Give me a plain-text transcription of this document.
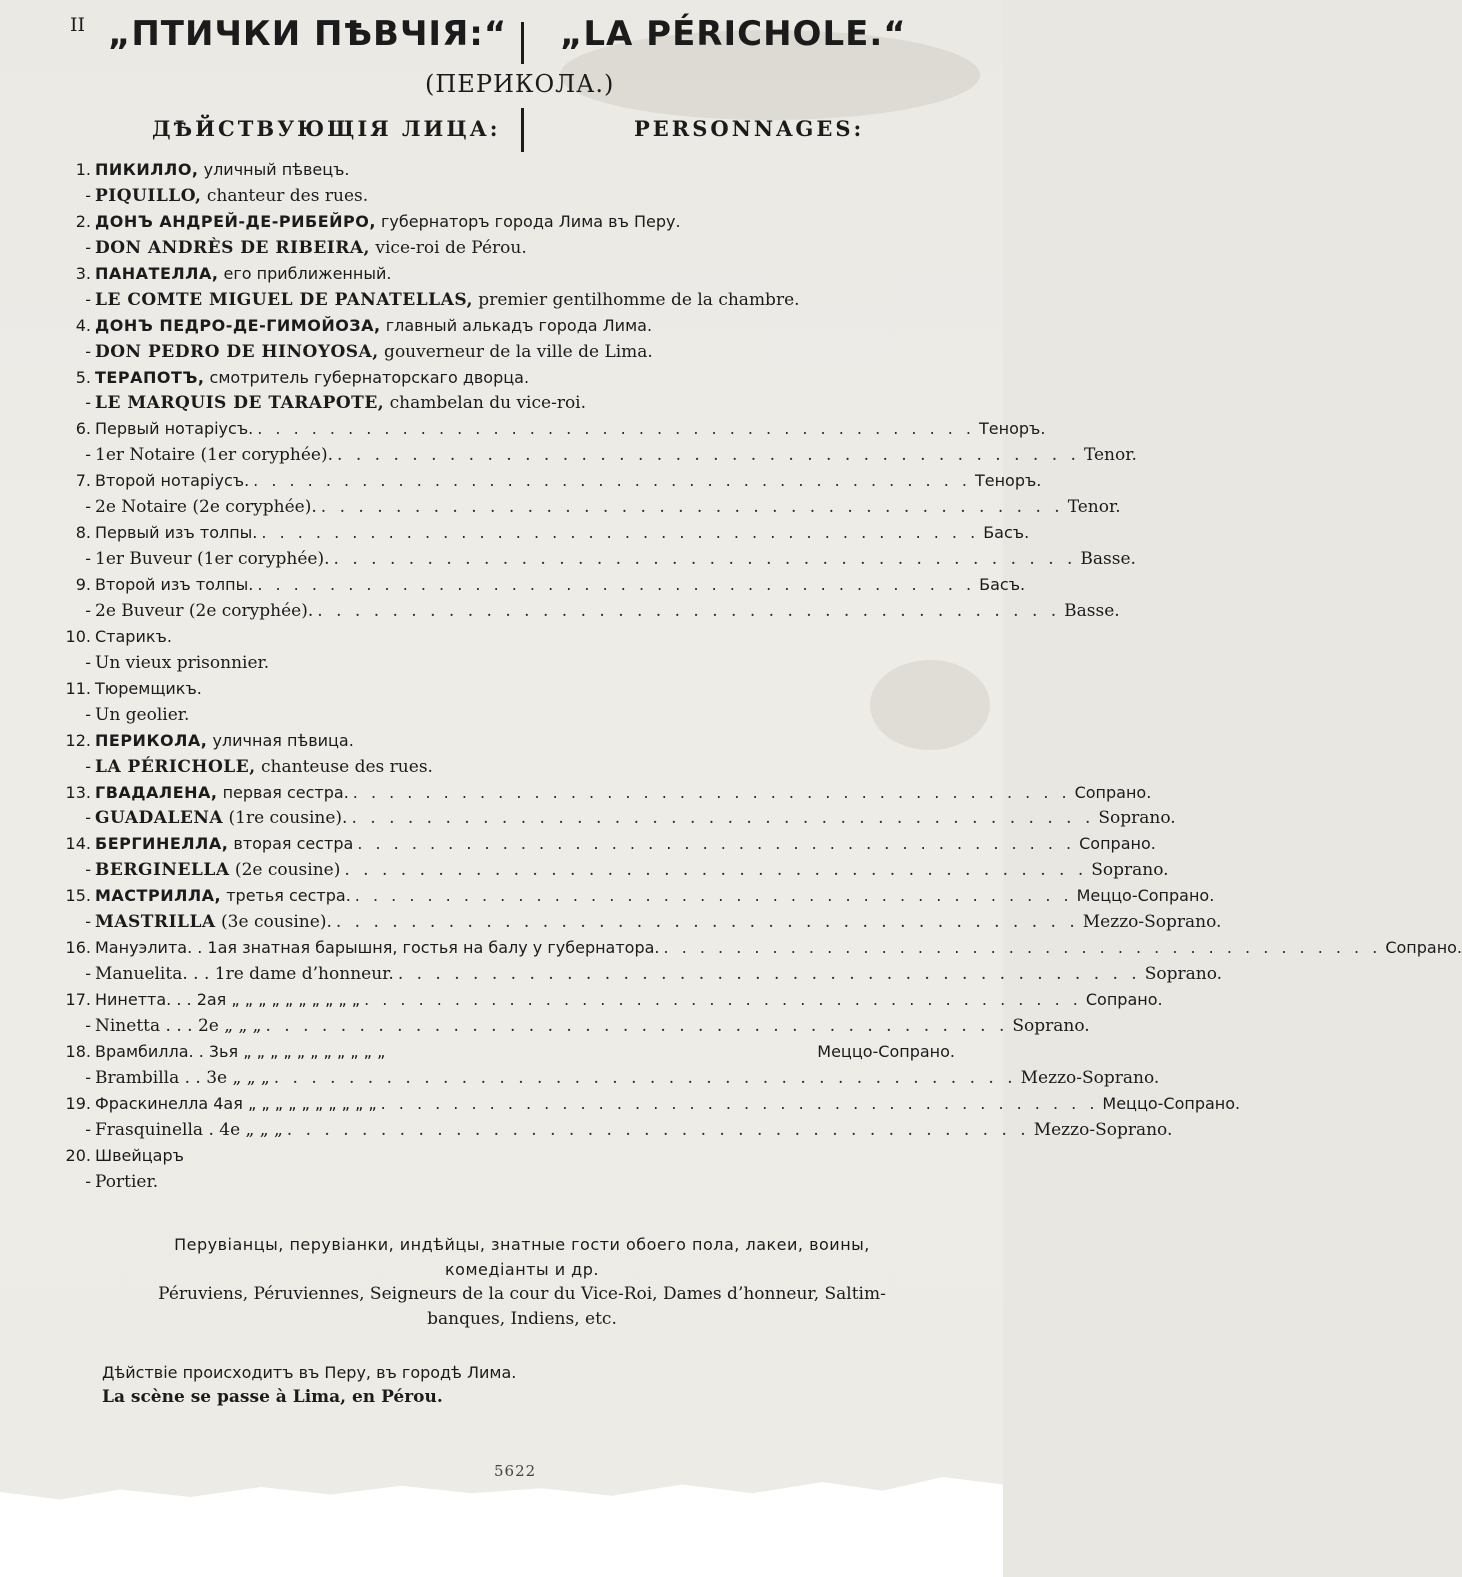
II „ПТИЧКИ ПѢВЧІЯ:“ „LA PÉRICHOLE.“
(ПЕРИКОЛА.)
ДѢЙСТВУЮЩІЯ ЛИЦА:	PERSONNAGES:
1. ПИКИЛЛО, уличный пѣвецъ.
- PIQUILLO, chanteur des rues.
2. ДОНЪ АНДРЕЙ-ДЕ-РИБЕЙРО, губернаторъ города Лима въ Перу.
- DON ANDRÈS DE RIBEIRA, vice-roi de Pérou.
3. ПАНАТЕЛЛА, его приближенный.
- LE COMTE MIGUEL DE PANATELLAS, premier gentilhomme de la chambre.
4. ДОНЪ ПЕДРО-ДЕ-ГИМОЙОЗА, главный алькадъ города Лима.
- DON PEDRO DE HINOYOSA, gouverneur de la ville de Lima.
5. ТЕРАПОТЪ, смотритель губернаторскаго дворца.
- LE MARQUIS DE TARAPOTE, chambelan du vice-roi.
6. Первый нотаріусъ. . . . . . . . . . . . . . . . . . . . . . . . . . . . . . . . . . . . . . . . . Теноръ.
- 1er Notaire (1er coryphée). . . . . . . . . . . . . . . . . . . . . . . . . . . . . . . . . . . . . . . . . Tenor.
7. Второй нотаріусъ. . . . . . . . . . . . . . . . . . . . . . . . . . . . . . . . . . . . . . . . . Теноръ.
- 2e Notaire (2e coryphée). . . . . . . . . . . . . . . . . . . . . . . . . . . . . . . . . . . . . . . . . Tenor.
8. Первый изъ толпы. . . . . . . . . . . . . . . . . . . . . . . . . . . . . . . . . . . . . . . . . Басъ.
- 1er Buveur (1er coryphée). . . . . . . . . . . . . . . . . . . . . . . . . . . . . . . . . . . . . . . . . Basse.
9. Второй изъ толпы. . . . . . . . . . . . . . . . . . . . . . . . . . . . . . . . . . . . . . . . . Басъ.
- 2e Buveur (2e coryphée). . . . . . . . . . . . . . . . . . . . . . . . . . . . . . . . . . . . . . . . . Basse.
10. Старикъ.
- Un vieux prisonnier.
11. Тюремщикъ.
- Un geolier.
12. ПЕРИКОЛА, уличная пѣвица.
- LA PÉRICHOLE, chanteuse des rues.
13. ГВАДАЛЕНА, первая сестра. . . . . . . . . . . . . . . . . . . . . . . . . . . . . . . . . . . . . . . . . Сопрано.
- GUADALENA (1re cousine). . . . . . . . . . . . . . . . . . . . . . . . . . . . . . . . . . . . . . . . . Soprano.
14. БЕРГИНЕЛЛА, вторая сестра . . . . . . . . . . . . . . . . . . . . . . . . . . . . . . . . . . . . . . . . Сопрано.
- BERGINELLA (2e cousine) . . . . . . . . . . . . . . . . . . . . . . . . . . . . . . . . . . . . . . . . Soprano.
15. МАСТРИЛЛА, третья сестра. . . . . . . . . . . . . . . . . . . . . . . . . . . . . . . . . . . . . . . . . Меццо-Сопрано.
- MASTRILLA (3e cousine). . . . . . . . . . . . . . . . . . . . . . . . . . . . . . . . . . . . . . . . . Mezzo-Soprano.
16. Мануэлита. . 1ая знатная барышня, гостья на балу у губернатора. . . . . . . . . . . . . . . . . . . . . . . . . . . . . . . . . . . . . . . . . Сопрано.
- Manuelita. . . 1re dame d’honneur. . . . . . . . . . . . . . . . . . . . . . . . . . . . . . . . . . . . . . . . . Soprano.
17. Нинетта. . . 2ая „ „ „ „ „ „ „ „ „ „ . . . . . . . . . . . . . . . . . . . . . . . . . . . . . . . . . . . . . . . . Сопрано.
- Ninetta . . . 2e „ „ „ . . . . . . . . . . . . . . . . . . . . . . . . . . . . . . . . . . . . . . . . Soprano.
18. Врамбилла. . 3ья „ „ „ „ „ „ „ „ „ „ „	Меццо-Сопрано.
- Brambilla . . 3e „ „ „ . . . . . . . . . . . . . . . . . . . . . . . . . . . . . . . . . . . . . . . . Mezzo-Soprano.
19. Фраскинелла 4ая „ „ „ „ „ „ „ „ „ „ . . . . . . . . . . . . . . . . . . . . . . . . . . . . . . . . . . . . . . . . Меццо-Сопрано.
- Frasquinella . 4e „ „ „ . . . . . . . . . . . . . . . . . . . . . . . . . . . . . . . . . . . . . . . . Mezzo-Soprano.
20. Швейцаръ
- Portier.
Перувіанцы, перувіанки, индѣйцы, знатные гости обоего пола, лакеи, воины,
комедіанты и др.
Péruviens, Péruviennes, Seigneurs de la cour du Vice-Roi, Dames d’honneur, Saltim-
banques, Indiens, etc.
Дѣйствіе происходитъ въ Перу, въ городѣ Лима.
La scène se passe à Lima, en Pérou.
5622
